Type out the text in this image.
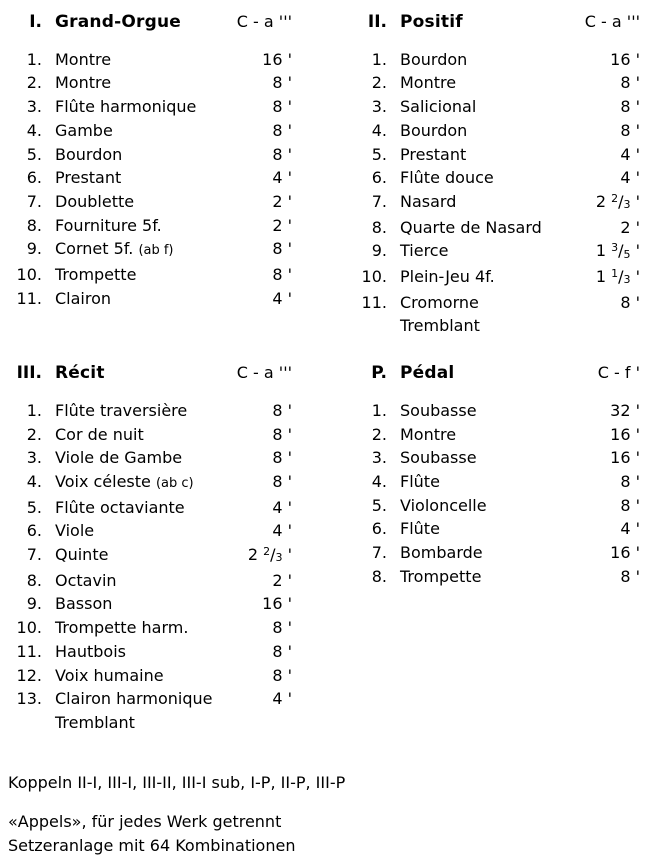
I. Grand-Orgue	C - a '''
1. Montre	16 '
2. Montre	8 '
3. Flûte harmonique	8 '
4. Gambe	8 '
5. Bourdon	8 '
6. Prestant	4 '
7. Doublette	2 '
8. Fourniture 5f.	2 '
9. Cornet 5f. (ab f)	8 '
10. Trompette	8 '
11. Clairon	4 '
II. Positif	C - a '''
1. Bourdon	16 '
2. Montre	8 '
3. Salicional	8 '
4. Bourdon	8 '
5. Prestant	4 '
6. Flûte douce	4 '
7. Nasard	2 $^2/_3$ '
8. Quarte de Nasard	2 '
9. Tierce	1 $^3/_5$ '
10. Plein-Jeu 4f.	1 $^1/_3$ '
11. Cromorne	8 '
Tremblant
III. Récit	C - a '''
1. Flûte traversière	8 '
2. Cor de nuit	8 '
3. Viole de Gambe	8 '
4. Voix céleste (ab c)	8 '
5. Flûte octaviante	4 '
6. Viole	4 '
7. Quinte	2 $^2/_3$ '
8. Octavin	2 '
9. Basson	16 '
10. Trompette harm.	8 '
11. Hautbois	8 '
12. Voix humaine	8 '
13. Clairon harmonique	4 '
Tremblant
P. Pédal	C - f '
1. Soubasse	32 '
2. Montre	16 '
3. Soubasse	16 '
4. Flûte	8 '
5. Violoncelle	8 '
6. Flûte	4 '
7. Bombarde	16 '
8. Trompette	8 '

Koppeln II-I, III-I, III-II, III-I sub, I-P, II-P, III-P

«Appels», für jedes Werk getrennt

Setzeranlage mit 64 Kombinationen
